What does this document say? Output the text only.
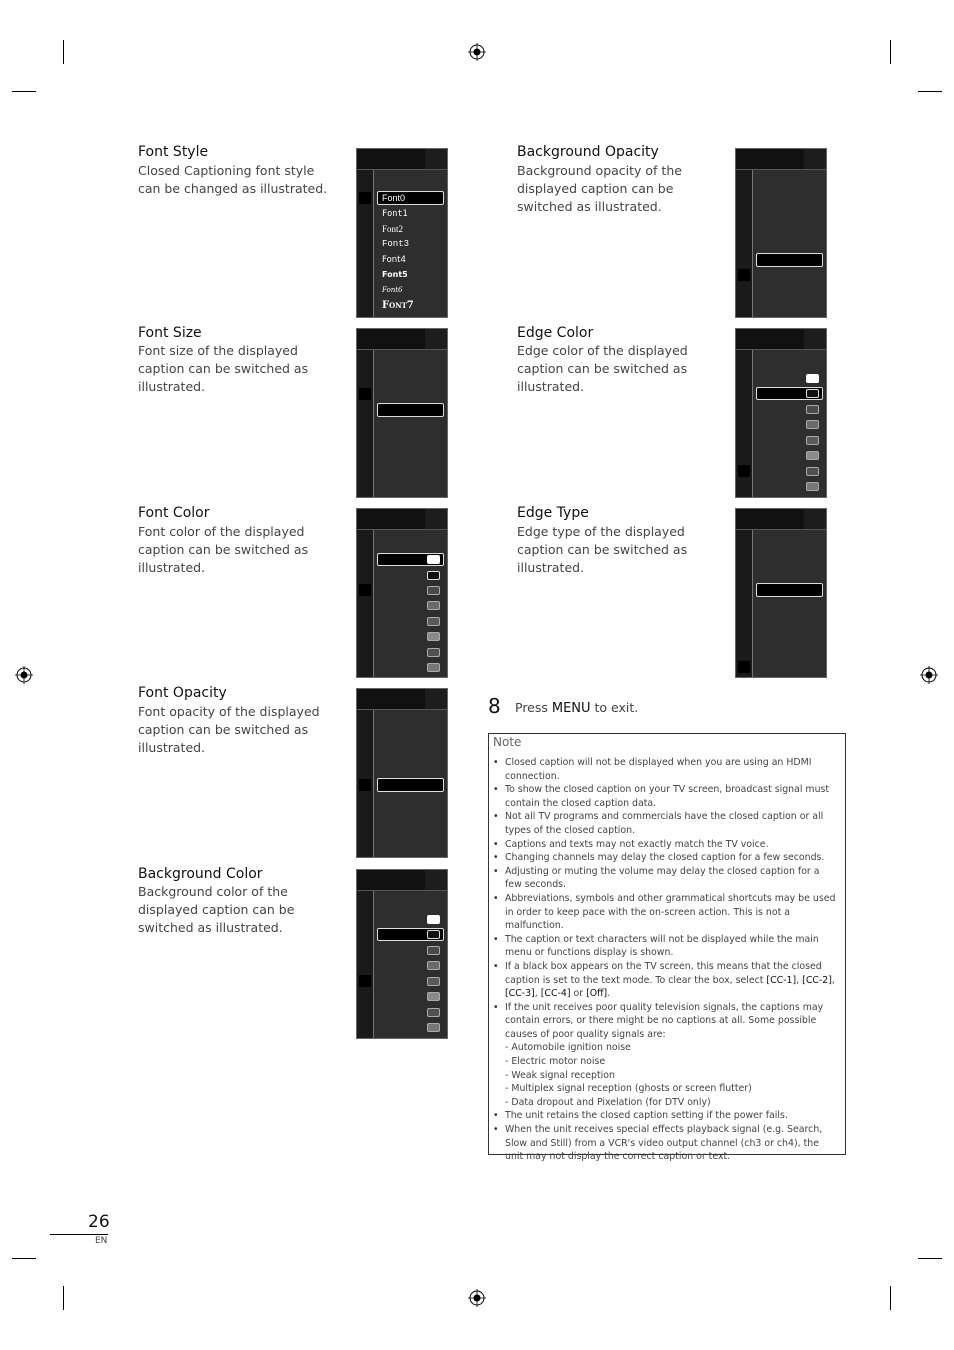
Font Style
Closed Captioning font style
can be changed as illustrated.
Font0
Font1
Font2
Font3
Font4
Font5
Font6
Font7
Font Size
Font size of the displayed
caption can be switched as
illustrated.
Font Color
Font color of the displayed
caption can be switched as
illustrated.
Font Opacity
Font opacity of the displayed
caption can be switched as
illustrated.
Background Color
Background color of the
displayed caption can be
switched as illustrated.
Background Opacity
Background opacity of the
displayed caption can be
switched as illustrated.
Edge Color
Edge color of the displayed
caption can be switched as
illustrated.
Edge Type
Edge type of the displayed
caption can be switched as
illustrated.
8 Press MENU to exit.
Note
• Closed caption will not be displayed when you are using an HDMI connection.
• To show the closed caption on your TV screen, broadcast signal must contain the closed caption data.
• Not all TV programs and commercials have the closed caption or all types of the closed caption.
• Captions and texts may not exactly match the TV voice.
• Changing channels may delay the closed caption for a few seconds.
• Adjusting or muting the volume may delay the closed caption for a few seconds.
• Abbreviations, symbols and other grammatical shortcuts may be used in order to keep pace with the on-screen action. This is not a malfunction.
• The caption or text characters will not be displayed while the main menu or functions display is shown.
• If a black box appears on the TV screen, this means that the closed caption is set to the text mode. To clear the box, select [CC-1], [CC-2], [CC-3], [CC-4] or [Off].
• If the unit receives poor quality television signals, the captions may contain errors, or there might be no captions at all. Some possible causes of poor quality signals are:
- Automobile ignition noise
- Electric motor noise
- Weak signal reception
- Multiplex signal reception (ghosts or screen flutter)
- Data dropout and Pixelation (for DTV only)
• The unit retains the closed caption setting if the power fails.
• When the unit receives special effects playback signal (e.g. Search, Slow and Still) from a VCR's video output channel (ch3 or ch4), the unit may not display the correct caption or text.
26
EN
